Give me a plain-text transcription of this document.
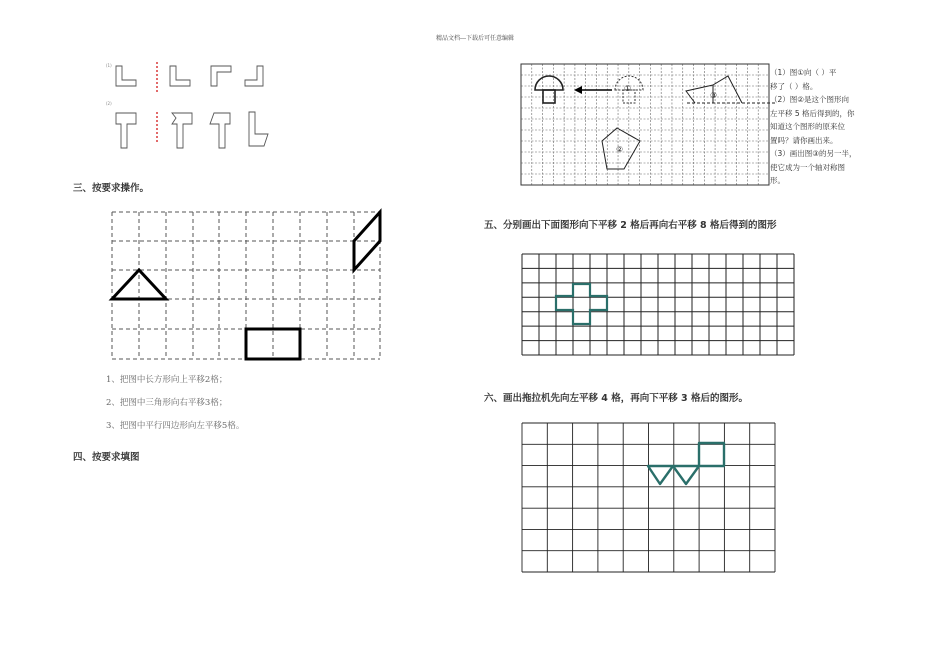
精品文档---下载后可任意编辑
(1)
(2)
三、按要求操作。
1、把图中长方形向上平移2格；
2、把图中三角形向右平移3格；
3、把图中平行四边形向左平移5格。
四、按要求填图
①
②
③
（1）图①向（ ）平
移了（ ）格。
（2）图②是这个图形向
左平移 5 格后得到的，你
知道这个图形的原来位
置吗？请你画出来。
（3）画出图③的另一半，
使它成为一个轴对称图
形。
五、分别画出下面图形向下平移 2 格后再向右平移 8 格后得到的图形
六、画出拖拉机先向左平移 4 格，再向下平移 3 格后的图形。
